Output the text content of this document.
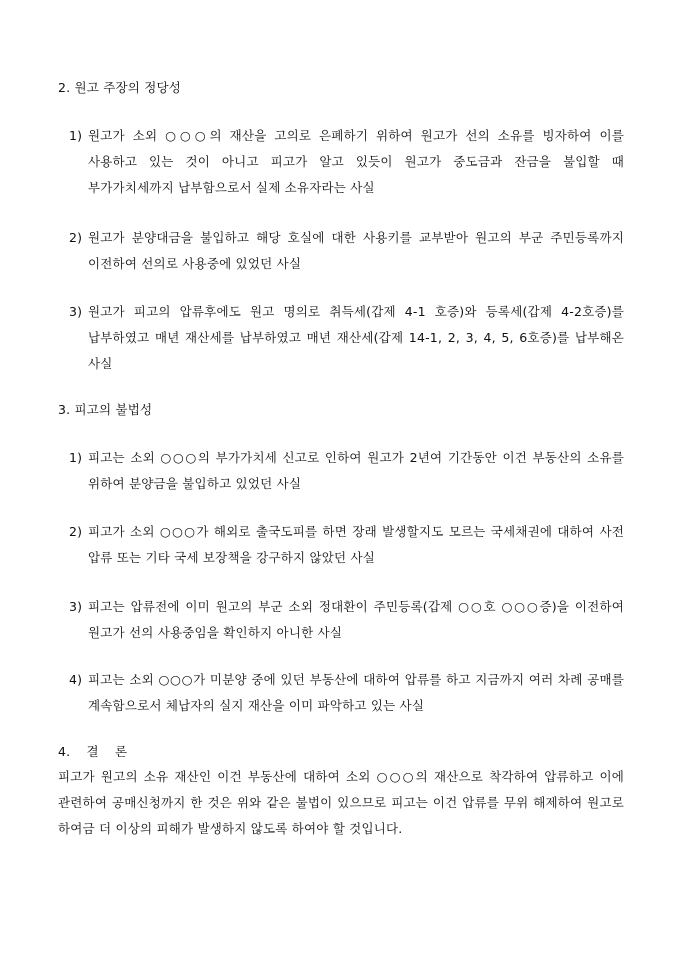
2. 원고 주장의 정당성
1) 원고가 소외 ○○○의 재산을 고의로 은폐하기 위하여 원고가 선의 소유를 빙자하여 이를 사용하고 있는 것이 아니고 피고가 알고 있듯이 원고가 중도금과 잔금을 불입할 때 부가가치세까지 납부함으로서 실제 소유자라는 사실
2) 원고가 분양대금을 불입하고 해당 호실에 대한 사용키를 교부받아 원고의 부군 주민등록까지 이전하여 선의로 사용중에 있었던 사실
3) 원고가 피고의 압류후에도 원고 명의로 취득세(갑제 4-1 호증)와 등록세(갑제 4-2호증)를 납부하였고 매년 재산세를 납부하였고 매년 재산세(갑제 14-1, 2, 3, 4, 5, 6호증)를 납부해온 사실
3. 피고의 불법성
1) 피고는 소외 ○○○의 부가가치세 신고로 인하여 원고가 2년여 기간동안 이건 부동산의 소유를 위하여 분양금을 불입하고 있었던 사실
2) 피고가 소외 ○○○가 해외로 출국도피를 하면 장래 발생할지도 모르는 국세채권에 대하여 사전 압류 또는 기타 국세 보장책을 강구하지 않았던 사실
3) 피고는 압류전에 이미 원고의 부군 소외 정대환이 주민등록(갑제 ○○호 ○○○증)을 이전하여 원고가 선의 사용중임을 확인하지 아니한 사실
4) 피고는 소외 ○○○가 미분양 중에 있던 부동산에 대하여 압류를 하고 지금까지 여러 차례 공매를 계속함으로서 체납자의 실지 재산을 이미 파악하고 있는 사실
4. 결 론
피고가 원고의 소유 재산인 이건 부동산에 대하여 소외 ○○○의 재산으로 착각하여 압류하고 이에 관련하여 공매신청까지 한 것은 위와 같은 불법이 있으므로 피고는 이건 압류를 무위 해제하여 원고로 하여금 더 이상의 피해가 발생하지 않도록 하여야 할 것입니다.
